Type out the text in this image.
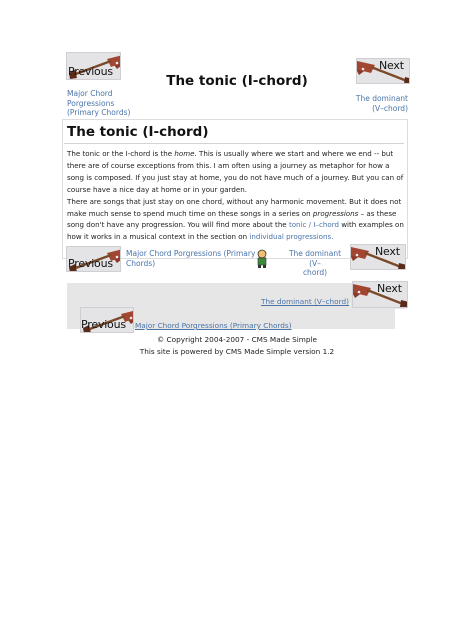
Previous
Major Chord
Porgressions
(Primary Chords)
The tonic (I-chord)
Next
The dominant
(V–chord)
The tonic (I-chord)

The tonic or the I-chord is the home. This is usually where we start and where we end -- but there are of course exceptions from this. I am often using a journey as metaphor for how a song is composed. If you just stay at home, you do not have much of a journey. But you can of course have a nice day at home or in your garden.

There are songs that just stay on one chord, without any harmonic movement. But it does not make much sense to spend much time on these songs in a series on progressions – as these song don't have any progression. You will find more about the tonic / I–chord with examples on how it works in a musical context in the section on individual progressions.

Previous
Major Chord Porgressions (Primary
Chords)
The dominant (V–
chord)
Next
The dominant (V–chord)
Next
Previous Major Chord Porgressions (Primary Chords)
© Copyright 2004-2007 - CMS Made Simple
This site is powered by CMS Made Simple version 1.2
